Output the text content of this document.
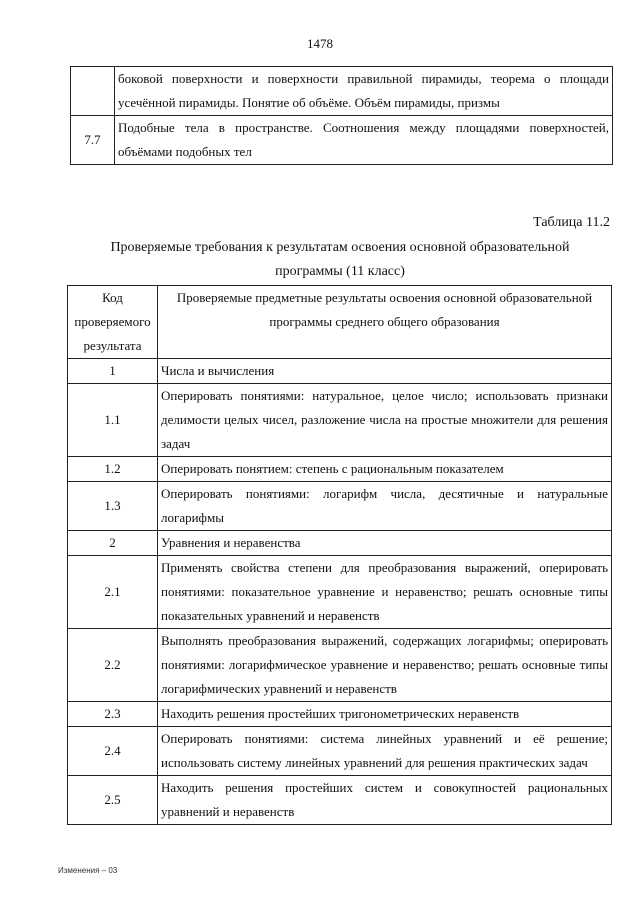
1478
	боковой поверхности и поверхности правильной пирамиды, теорема о площади усечённой пирамиды. Понятие об объёме. Объём пирамиды, призмы
7.7	Подобные тела в пространстве. Соотношения между площадями поверхностей, объёмами подобных тел
Таблица 11.2
Проверяемые требования к результатам освоения основной образовательной программы (11 класс)
Код проверяемого результата	Проверяемые предметные результаты освоения основной образовательной программы среднего общего образования
1	Числа и вычисления
1.1	Оперировать понятиями: натуральное, целое число; использовать признаки делимости целых чисел, разложение числа на простые множители для решения задач
1.2	Оперировать понятием: степень с рациональным показателем
1.3	Оперировать понятиями: логарифм числа, десятичные и натуральные логарифмы
2	Уравнения и неравенства
2.1	Применять свойства степени для преобразования выражений, оперировать понятиями: показательное уравнение и неравенство; решать основные типы показательных уравнений и неравенств
2.2	Выполнять преобразования выражений, содержащих логарифмы; оперировать понятиями: логарифмическое уравнение и неравенство; решать основные типы логарифмических уравнений и неравенств
2.3	Находить решения простейших тригонометрических неравенств
2.4	Оперировать понятиями: система линейных уравнений и её решение; использовать систему линейных уравнений для решения практических задач
2.5	Находить решения простейших систем и совокупностей рациональных уравнений и неравенств
Изменения – 03
